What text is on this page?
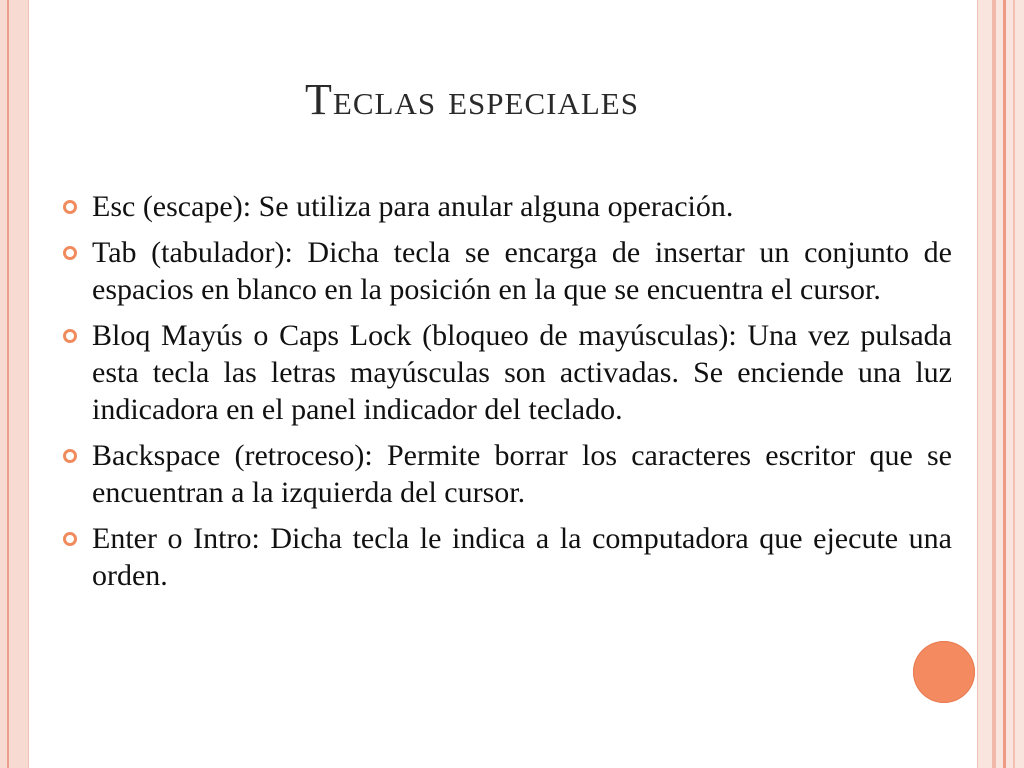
Teclas especiales
Esc (escape): Se utiliza para anular alguna operación.
Tab (tabulador): Dicha tecla se encarga de insertar un conjunto de espacios en blanco en la posición en la que se encuentra el cursor.
Bloq Mayús o Caps Lock (bloqueo de mayúsculas): Una vez pulsada esta tecla las letras mayúsculas son activadas. Se enciende una luz indicadora en el panel indicador del teclado.
Backspace (retroceso): Permite borrar los caracteres escritor que se encuentran a la izquierda del cursor.
Enter o Intro: Dicha tecla le indica a la computadora que ejecute una orden.
